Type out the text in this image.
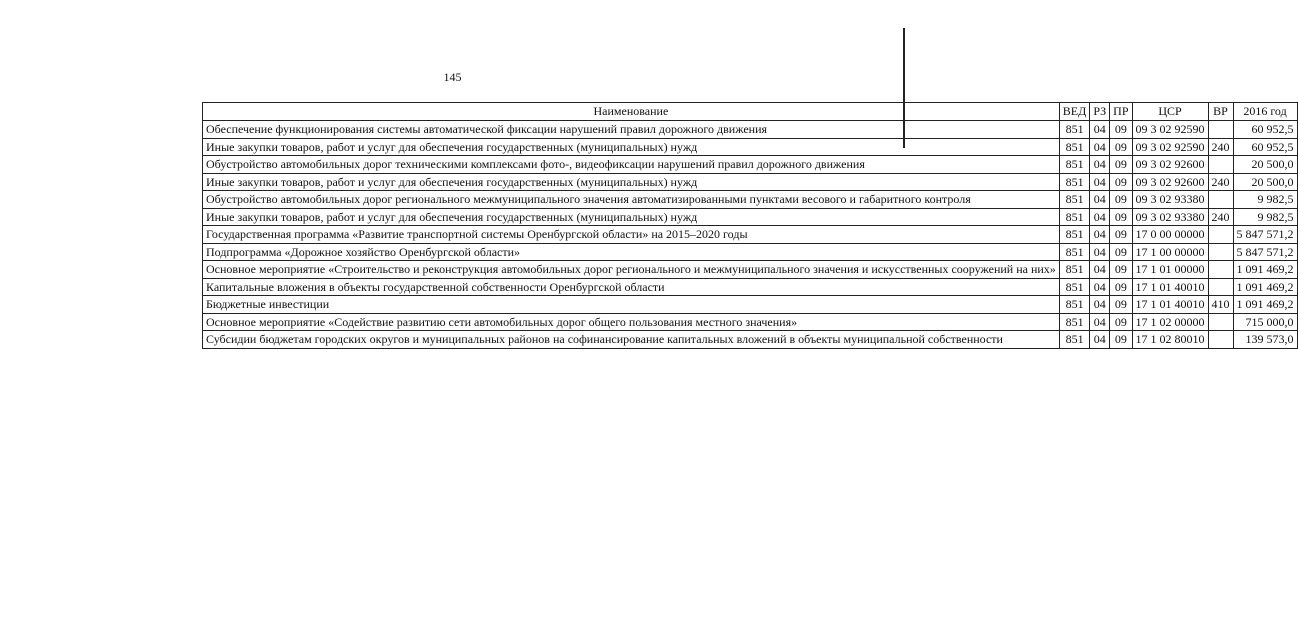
145
Наименование	ВЕД	РЗ	ПР	ЦСР	ВР	2016 год
Обеспечение функционирования системы автоматической фиксации нарушений правил дорожного движения	851	04	09	09 3 02 92590		60 952,5
Иные закупки товаров, работ и услуг для обеспечения государственных (муниципальных) нужд	851	04	09	09 3 02 92590	240	60 952,5
Обустройство автомобильных дорог техническими комплексами фото-, видеофиксации нарушений правил дорожного движения	851	04	09	09 3 02 92600		20 500,0
Иные закупки товаров, работ и услуг для обеспечения государственных (муниципальных) нужд	851	04	09	09 3 02 92600	240	20 500,0
Обустройство автомобильных дорог регионального межмуниципального значения автоматизированными пунктами весового и габаритного контроля	851	04	09	09 3 02 93380		9 982,5
Иные закупки товаров, работ и услуг для обеспечения государственных (муниципальных) нужд	851	04	09	09 3 02 93380	240	9 982,5
Государственная программа «Развитие транспортной системы Оренбургской области» на 2015–2020 годы	851	04	09	17 0 00 00000		5 847 571,2
Подпрограмма «Дорожное хозяйство Оренбургской области»	851	04	09	17 1 00 00000		5 847 571,2
Основное мероприятие «Строительство и реконструкция автомобильных дорог регионального и межмуниципального значения и искусственных сооружений на них»	851	04	09	17 1 01 00000		1 091 469,2
Капитальные вложения в объекты государственной собственности Оренбургской области	851	04	09	17 1 01 40010		1 091 469,2
Бюджетные инвестиции	851	04	09	17 1 01 40010	410	1 091 469,2
Основное мероприятие «Содействие развитию сети автомобильных дорог общего пользования местного значения»	851	04	09	17 1 02 00000		715 000,0
Субсидии бюджетам городских округов и муниципальных районов на софинансирование капитальных вложений в объекты муниципальной собственности	851	04	09	17 1 02 80010		139 573,0
